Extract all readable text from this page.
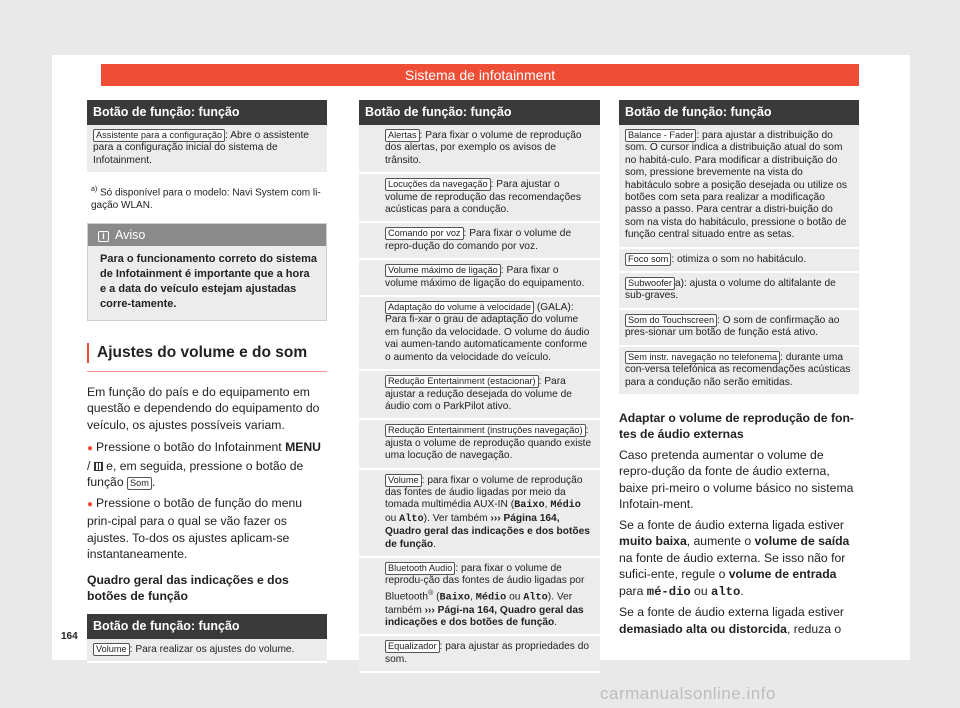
Sistema de infotainment
Botão de função: função
Assistente para a configuração : Abre o assistente para a configuração inicial do sistema de Infotainment.
$^{a)}$ Só disponível para o modelo: Navi System com li-gação WLAN.
i Aviso
Para o funcionamento correto do sistema de Infotainment é importante que a hora e a data do veículo estejam ajustadas corre-tamente.
Ajustes do volume e do som
Em função do país e do equipamento em questão e dependendo do equipamento do veículo, os ajustes possíveis variam.
● Pressione o botão do Infotainment MENU / e, em seguida, pressione o botão de função Som .
● Pressione o botão de função do menu prin-cipal para o qual se vão fazer os ajustes. To-dos os ajustes aplicam-se instantaneamente.
Quadro geral das indicações e dos botões de função
Botão de função: função
Volume : Para realizar os ajustes do volume.
Botão de função: função
Alertas : Para fixar o volume de reprodução dos alertas, por exemplo os avisos de trânsito.
Locuções da navegação : Para ajustar o volume de reprodução das recomendações acústicas para a condução.
Comando por voz : Para fixar o volume de repro-dução do comando por voz.
Volume máximo de ligação : Para fixar o volume máximo de ligação do equipamento.
Adaptação do volume à velocidade (GALA): Para fi-xar o grau de adaptação do volume em função da velocidade. O volume do áudio vai aumen-tando automaticamente conforme o aumento da velocidade do veículo.
Redução Entertainment (estacionar) : Para ajustar a redução desejada do volume de áudio com o ParkPilot ativo.
Redução Entertainment (instruções navegação) : ajusta o volume de reprodução quando existe uma locução de navegação.
Volume : para fixar o volume de reprodução das fontes de áudio ligadas por meio da tomada multimédia AUX-IN (Baixo, Médio ou Alto). Ver também ››› Página 164, Quadro geral das indicações e dos botões de função.
Bluetooth Audio : para fixar o volume de reprodu-ção das fontes de áudio ligadas por Bluetooth® (Baixo, Médio ou Alto). Ver também ››› Pági-na 164, Quadro geral das indicações e dos botões de função.
Equalizador : para ajustar as propriedades do som.
Botão de função: função
Balance - Fader : para ajustar a distribuição do som. O cursor indica a distribuição atual do som no habitá-culo. Para modificar a distribuição do som, pressione brevemente na vista do habitáculo sobre a posição desejada ou utilize os botões com seta para realizar a modificação passo a passo. Para centrar a distri-buição do som na vista do habitáculo, pressione o botão de função central situado entre as setas.
Foco som : otimiza o som no habitáculo.
Subwoofer a): ajusta o volume do altifalante de sub-graves.
Som do Touchscreen : O som de confirmação ao pres-sionar um botão de função está ativo.
Sem instr. navegação no telefonema : durante uma con-versa telefónica as recomendações acústicas para a condução não serão emitidas.
Adaptar o volume de reprodução de fon-tes de áudio externas
Caso pretenda aumentar o volume de repro-dução da fonte de áudio externa, baixe pri-meiro o volume básico no sistema Infotain-ment.
Se a fonte de áudio externa ligada estiver muito baixa, aumente o volume de saída na fonte de áudio externa. Se isso não for sufici-ente, regule o volume de entrada para mé-dio ou alto.
Se a fonte de áudio externa ligada estiver demasiado alta ou distorcida, reduza o
164
carmanualsonline.info
